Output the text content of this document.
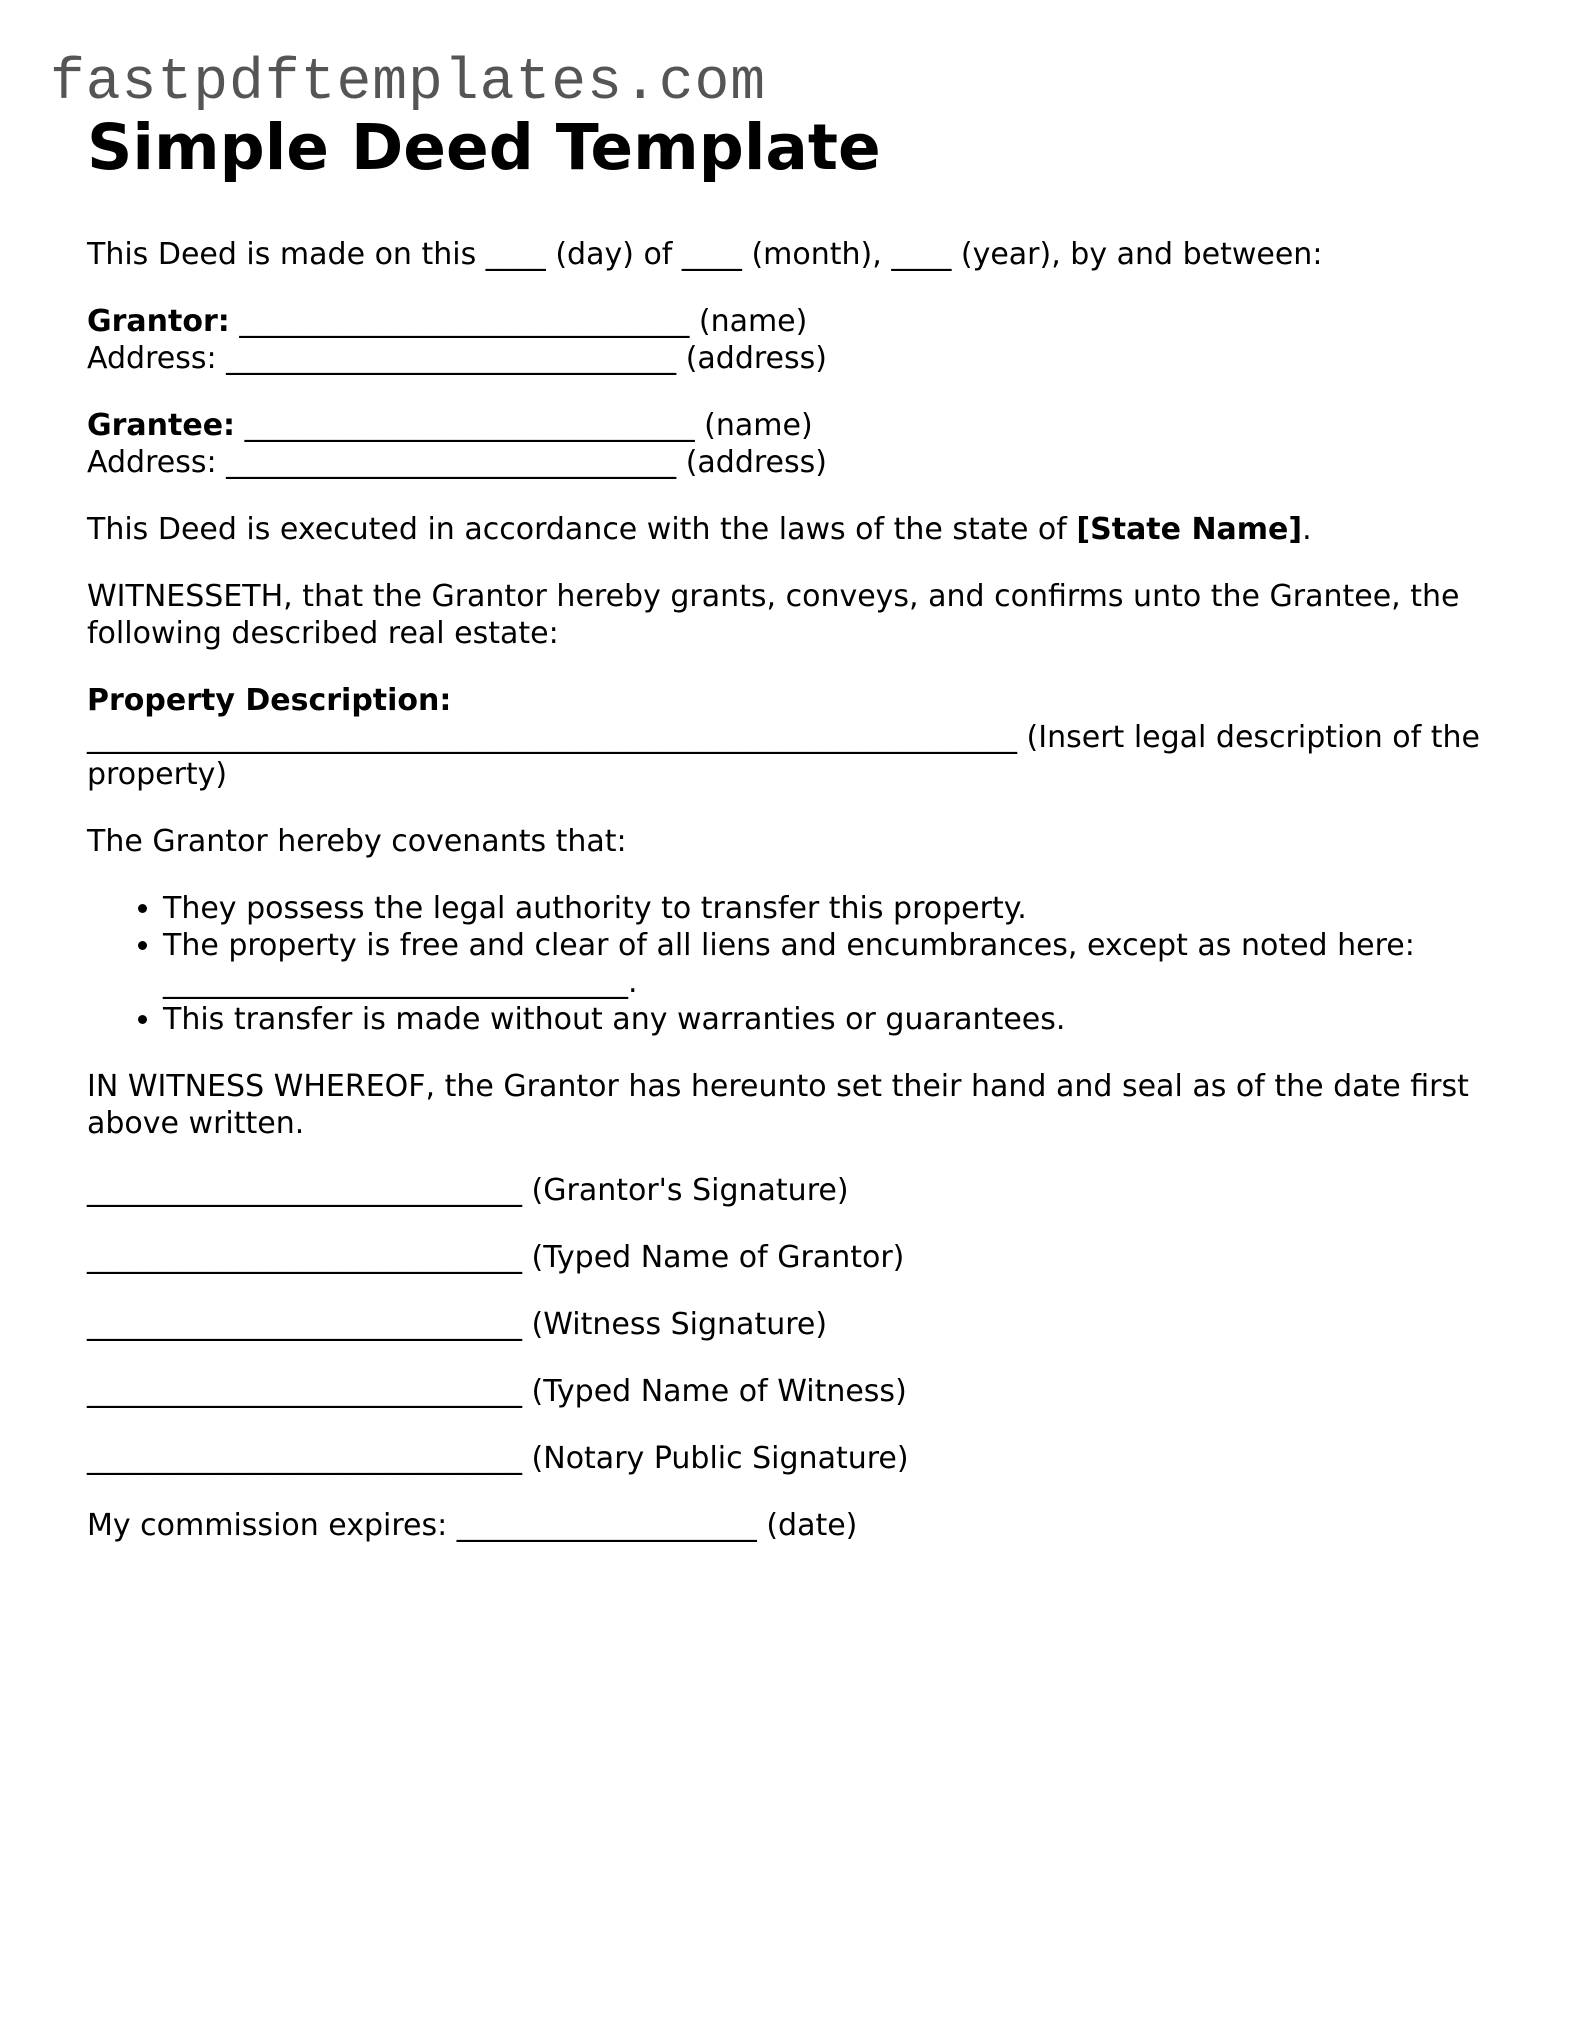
fastpdftemplates.com
Simple Deed Template

This Deed is made on this ____ (day) of ____ (month), ____ (year), by and between:

Grantor: ______________________________ (name)
Address: ______________________________ (address)
Grantee: ______________________________ (name)
Address: ______________________________ (address)

This Deed is executed in accordance with the laws of the state of [State Name].

WITNESSETH, that the Grantor hereby grants, conveys, and confirms unto the Grantee, the following described real estate:

Property Description:
______________________________________________________________ (Insert legal description of the property)

The Grantor hereby covenants that:

• They possess the legal authority to transfer this property.
• The property is free and clear of all liens and encumbrances, except as noted here: _______________________________.
• This transfer is made without any warranties or guarantees.

IN WITNESS WHEREOF, the Grantor has hereunto set their hand and seal as of the date first above written.

_____________________________ (Grantor's Signature)
_____________________________ (Typed Name of Grantor)
_____________________________ (Witness Signature)
_____________________________ (Typed Name of Witness)
_____________________________ (Notary Public Signature)
My commission expires: ____________________ (date)
